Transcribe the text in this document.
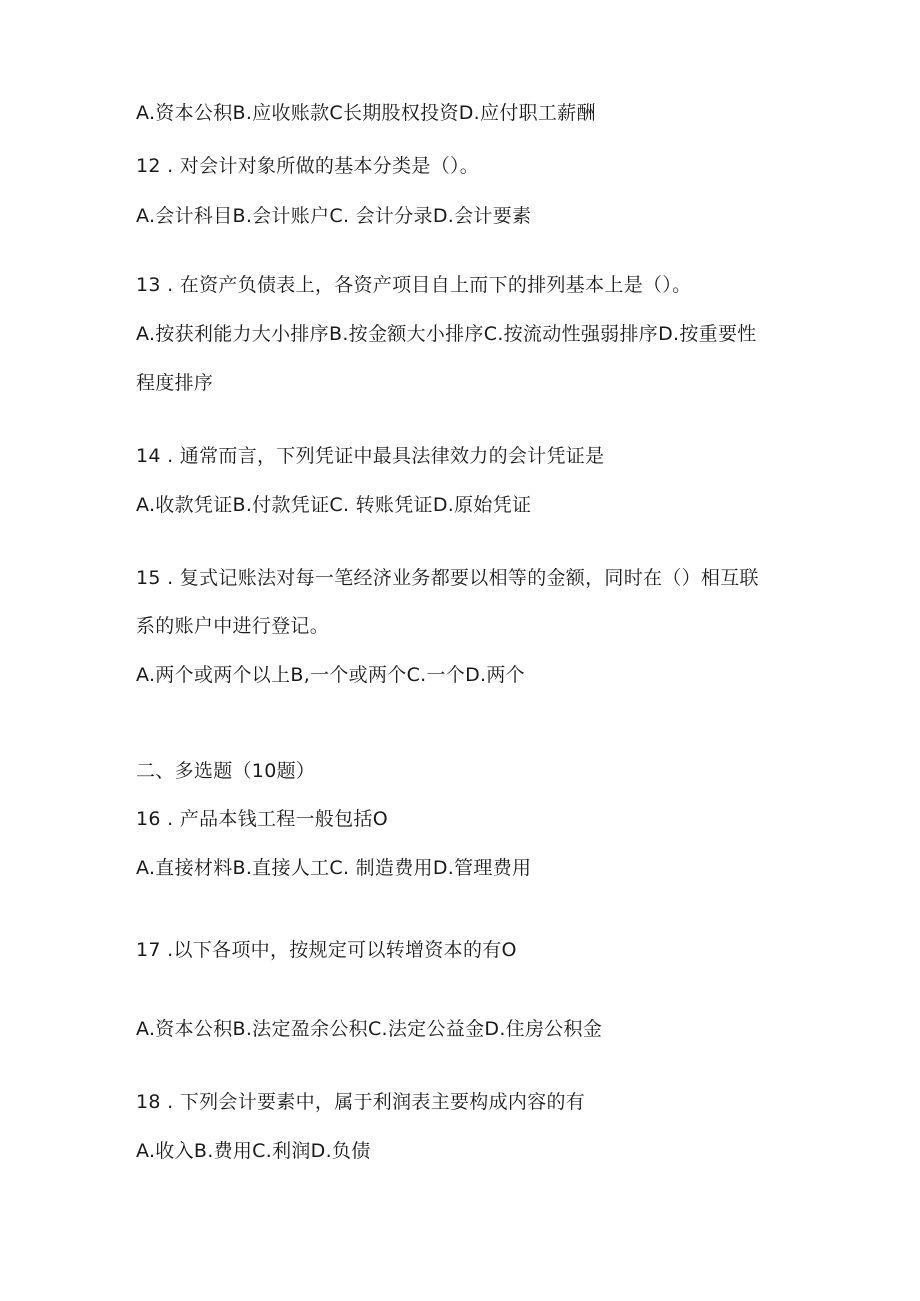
A.资本公积B.应收账款C长期股权投资D.应付职工薪酬
12 . 对会计对象所做的基本分类是（）。
A.会计科目B.会计账户C. 会计分录D.会计要素
13 . 在资产负债表上，各资产项目自上而下的排列基本上是（）。
A.按获利能力大小排序B.按金额大小排序C.按流动性强弱排序D.按重要性
程度排序
14 . 通常而言，下列凭证中最具法律效力的会计凭证是
A.收款凭证B.付款凭证C. 转账凭证D.原始凭证
15 . 复式记账法对每一笔经济业务都要以相等的金额，同时在（）相互联
系的账户中进行登记。
A.两个或两个以上B,一个或两个C.一个D.两个
二、多选题（10题）
16 . 产品本钱工程一般包括O
A.直接材料B.直接人工C. 制造费用D.管理费用
17 .以下各项中，按规定可以转增资本的有O
A.资本公积B.法定盈余公积C.法定公益金D.住房公积金
18 . 下列会计要素中，属于利润表主要构成内容的有
A.收入B.费用C.利润D.负债
